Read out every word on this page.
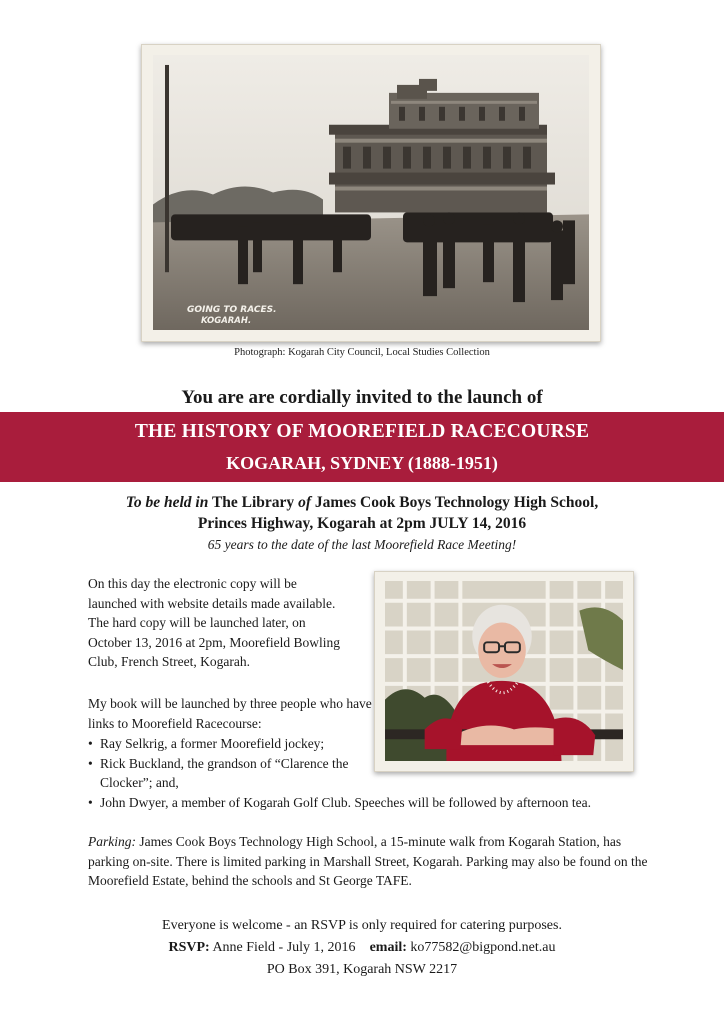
GOING TO RACES.
KOGARAH.
Photograph: Kogarah City Council, Local Studies Collection
You are are cordially invited to the launch of
THE HISTORY OF MOOREFIELD RACECOURSE
KOGARAH, SYDNEY (1888-1951)
To be held in The Library of James Cook Boys Technology High School,
Princes Highway, Kogarah at 2pm JULY 14, 2016
65 years to the date of the last Moorefield Race Meeting!
On this day the electronic copy will be launched with website details made available. The hard copy will be launched later, on October 13, 2016 at 2pm, Moorefield Bowling Club, French Street, Kogarah.
My book will be launched by three people who have links to Moorefield Racecourse:
• Ray Selkrig, a former Moorefield jockey;
• Rick Buckland, the grandson of “Clarence the Clocker”; and,
• John Dwyer, a member of Kogarah Golf Club. Speeches will be followed by afternoon tea.
Parking: James Cook Boys Technology High School, a 15-minute walk from Kogarah Station, has parking on-site. There is limited parking in Marshall Street, Kogarah. Parking may also be found on the Moorefield Estate, behind the schools and St George TAFE.
Everyone is welcome - an RSVP is only required for catering purposes.
RSVP: Anne Field - July 1, 2016 email: ko77582@bigpond.net.au
PO Box 391, Kogarah NSW 2217
